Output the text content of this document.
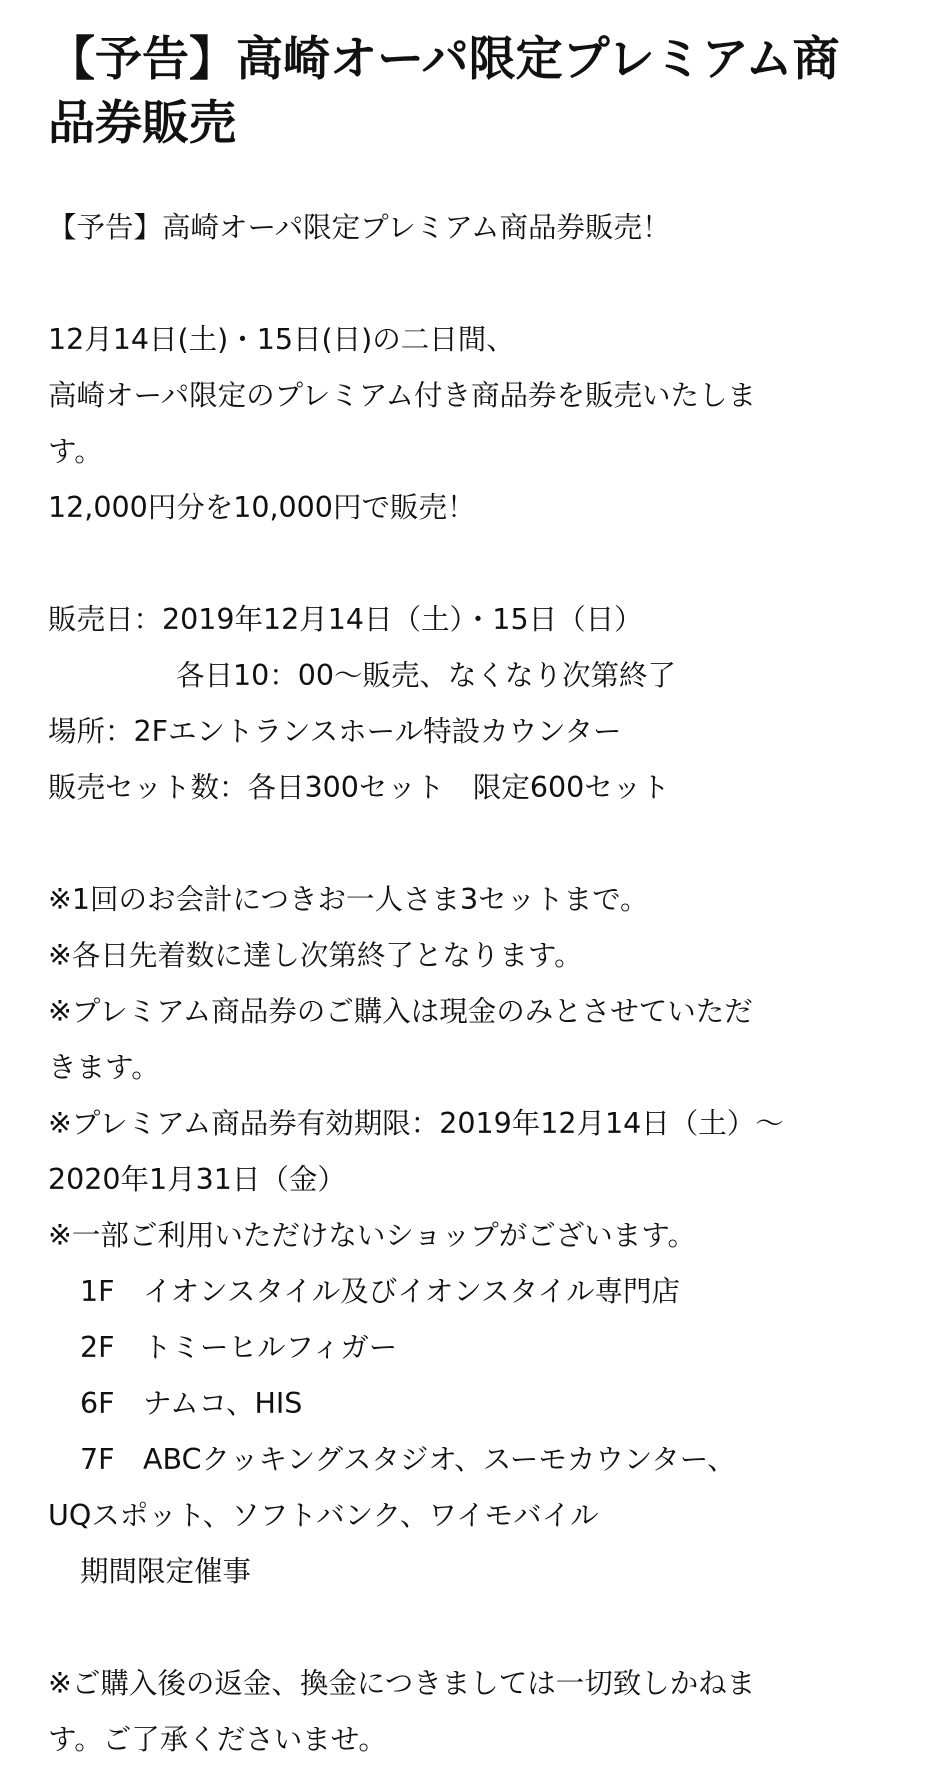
【予告】高崎オーパ限定プレミアム商
品券販売
【予告】高崎オーパ限定プレミアム商品券販売！
12月14日(土)・15日(日)の二日間、
高崎オーパ限定のプレミアム付き商品券を販売いたしま
す。
12,000円分を10,000円で販売！
販売日：2019年12月14日（土）・15日（日）
各日10：00～販売、なくなり次第終了
場所：2Fエントランスホール特設カウンター
販売セット数：各日300セット　限定600セット
※1回のお会計につきお一人さま3セットまで。
※各日先着数に達し次第終了となります。
※プレミアム商品券のご購入は現金のみとさせていただ
きます。
※プレミアム商品券有効期限：2019年12月14日（土）～
2020年1月31日（金）
※一部ご利用いただけないショップがございます。
1F　イオンスタイル及びイオンスタイル専門店
2F　トミーヒルフィガー
6F　ナムコ、HIS
7F　ABCクッキングスタジオ、スーモカウンター、
UQスポット、ソフトバンク、ワイモバイル
期間限定催事
※ご購入後の返金、換金につきましては一切致しかねま
す。ご了承くださいませ。
